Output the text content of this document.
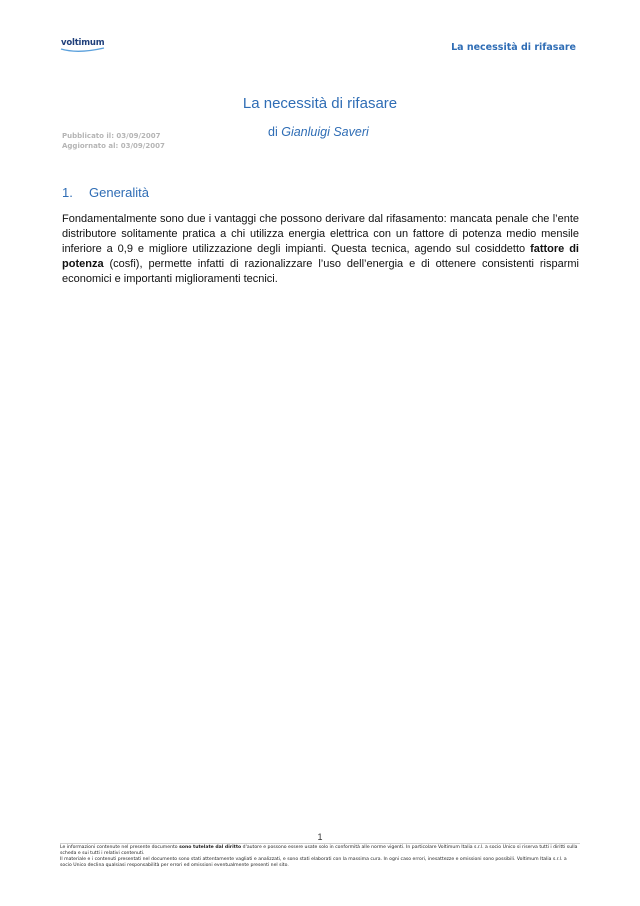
voltimum	La necessità di rifasare
La necessità di rifasare
Pubblicato il: 03/09/2007
Aggiornato al: 03/09/2007
di Gianluigi Saveri
1. Generalità
Fondamentalmente sono due i vantaggi che possono derivare dal rifasamento: mancata penale che l’ente distributore solitamente pratica a chi utilizza energia elettrica con un fattore di potenza medio mensile inferiore a 0,9 e migliore utilizzazione degli impianti. Questa tecnica, agendo sul cosiddetto fattore di potenza (cosfi), permette infatti di razionalizzare l’uso dell’energia e di ottenere consistenti risparmi economici e importanti miglioramenti tecnici.
1

Le informazioni contenute nel presente documento sono tutelate dal diritto d'autore e possono essere usate solo in conformità alle norme vigenti. In particolare Voltimum Italia s.r.l. a socio Unico si riserva tutti i diritti sulla scheda e sui tutti i relativi contenuti.

Il materiale e i contenuti presentati nel documento sono stati attentamente vagliati e analizzati, e sono stati elaborati con la massima cura. In ogni caso errori, inesattezze e omissioni sono possibili. Voltimum Italia s.r.l. a socio Unico declina qualsiasi responsabilità per errori ed omissioni eventualmente presenti nel sito.
